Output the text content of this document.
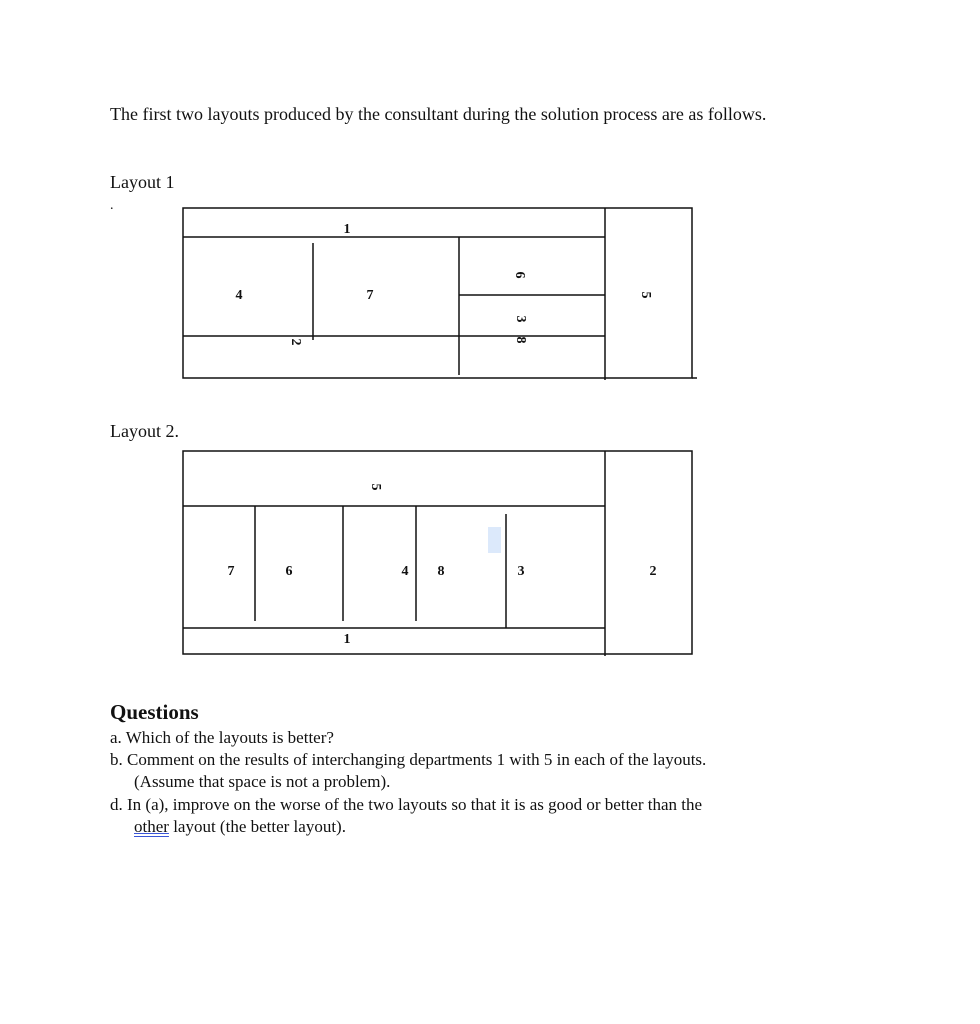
The first two layouts produced by the consultant during the solution process are as follows.
Layout 1
.
1
4	7
2
6
3
8
5
Layout 2.
5
7	6	4 8	3	2
1
Questions
a. Which of the layouts is better?
b. Comment on the results of interchanging departments 1 with 5 in each of the layouts.
(Assume that space is not a problem).
d. In (a), improve on the worse of the two layouts so that it is as good or better than the
other layout (the better layout).
